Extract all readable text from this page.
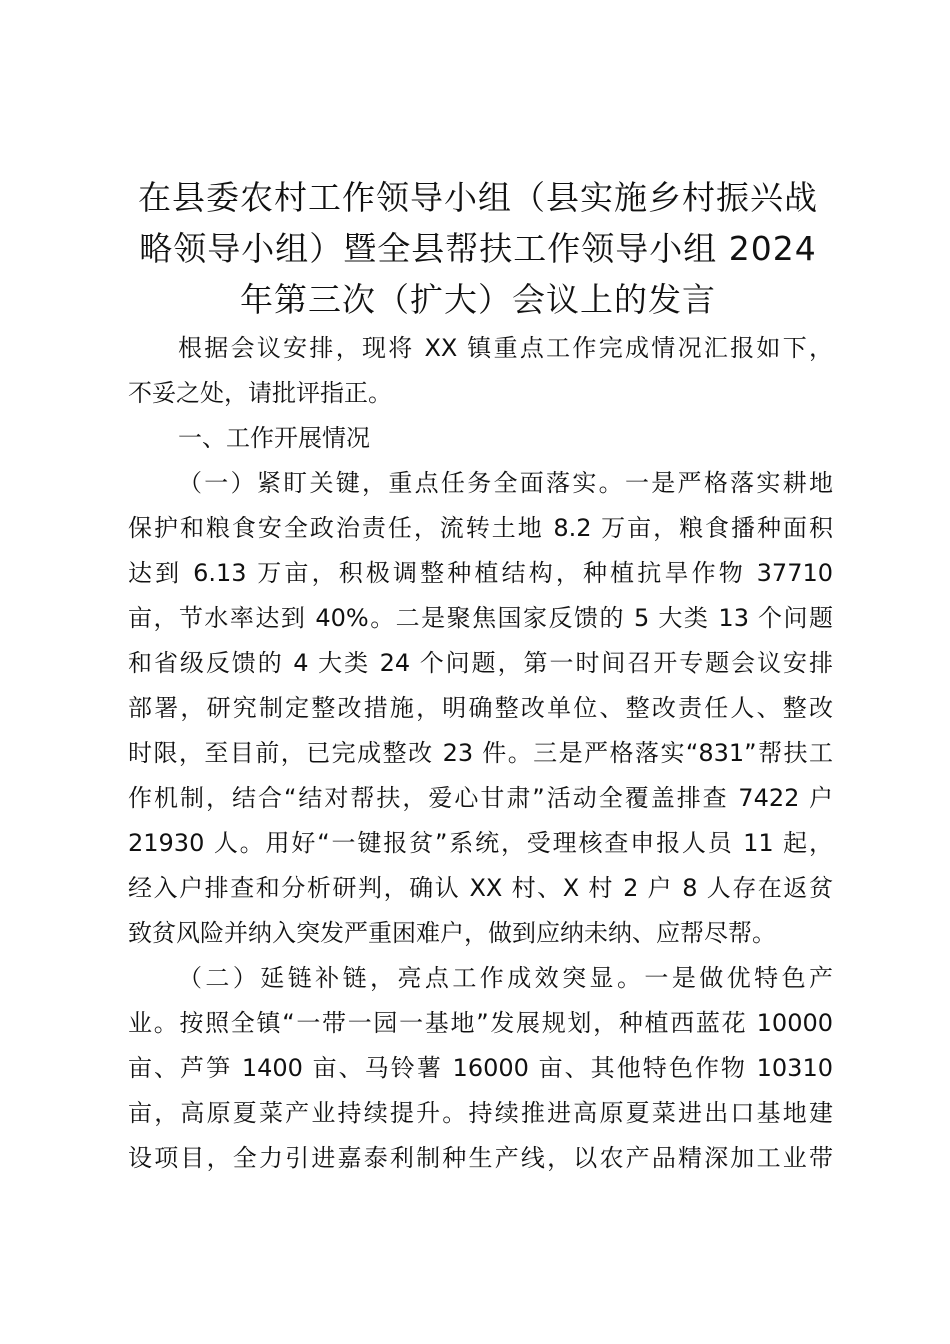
在县委农村工作领导小组（县实施乡村振兴战
略领导小组）暨全县帮扶工作领导小组 2024
年第三次（扩大）会议上的发言

根据会议安排，现将 XX 镇重点工作完成情况汇报如下，
不妥之处，请批评指正。

一、工作开展情况

（一）紧盯关键，重点任务全面落实。一是严格落实耕地
保护和粮食安全政治责任，流转土地 8.2 万亩，粮食播种面积
达到 6.13 万亩，积极调整种植结构，种植抗旱作物 37710
亩，节水率达到 40%。二是聚焦国家反馈的 5 大类 13 个问题
和省级反馈的 4 大类 24 个问题，第一时间召开专题会议安排
部署，研究制定整改措施，明确整改单位、整改责任人、整改
时限，至目前，已完成整改 23 件。三是严格落实“831”帮扶工
作机制，结合“结对帮扶，爱心甘肃”活动全覆盖排查 7422 户
21930 人。用好“一键报贫”系统，受理核查申报人员 11 起，
经入户排查和分析研判，确认 XX 村、X 村 2 户 8 人存在返贫
致贫风险并纳入突发严重困难户，做到应纳未纳、应帮尽帮。

（二）延链补链，亮点工作成效突显。一是做优特色产
业。按照全镇“一带一园一基地”发展规划，种植西蓝花 10000
亩、芦笋 1400 亩、马铃薯 16000 亩、其他特色作物 10310
亩，高原夏菜产业持续提升。持续推进高原夏菜进出口基地建
设项目，全力引进嘉泰利制种生产线，以农产品精深加工业带
